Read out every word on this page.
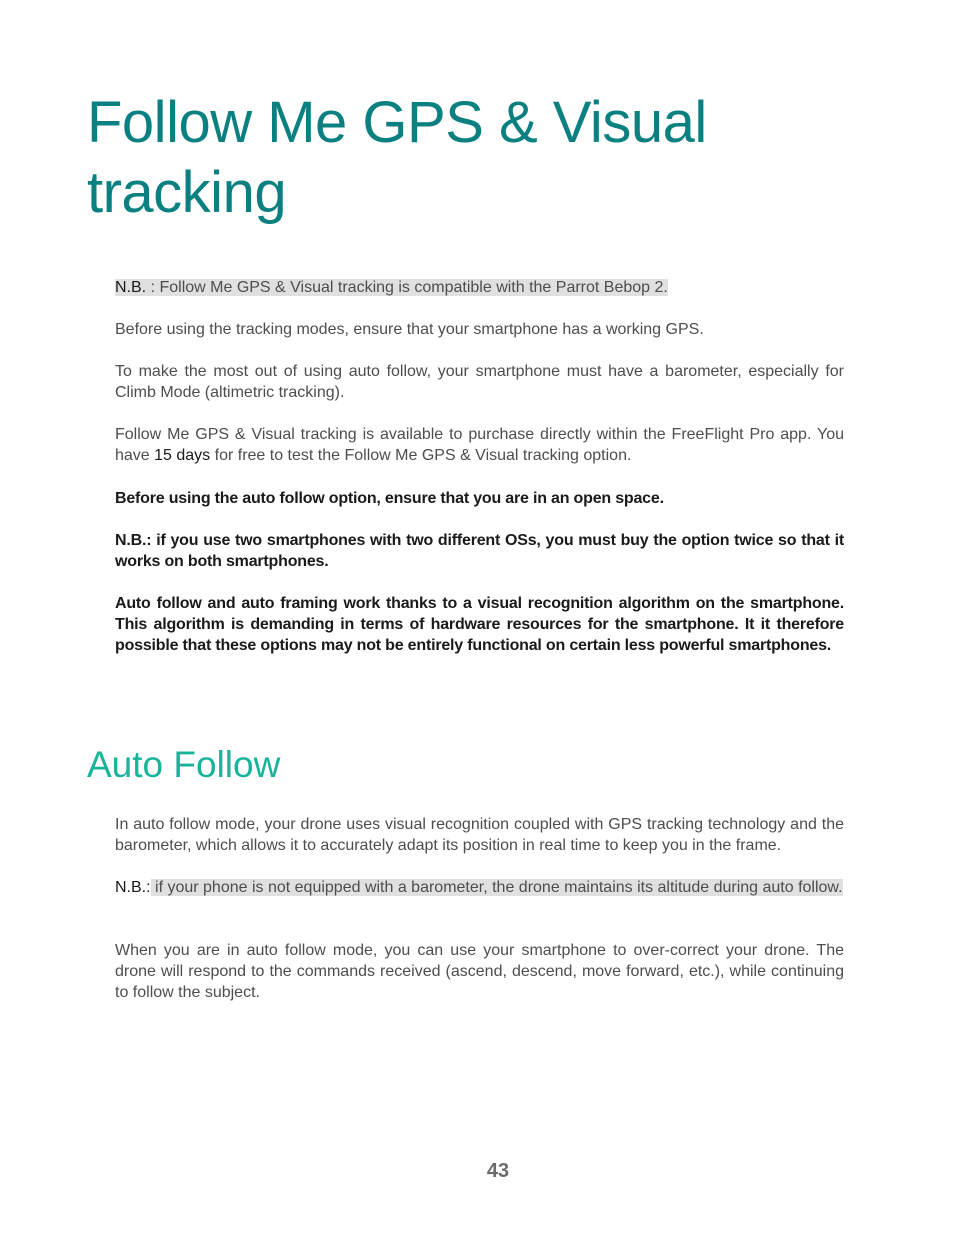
Follow Me GPS & Visual
tracking

N.B. : Follow Me GPS & Visual tracking is compatible with the Parrot Bebop 2.

Before using the tracking modes, ensure that your smartphone has a working GPS.

To make the most out of using auto follow, your smartphone must have a barometer, especially for Climb Mode (altimetric tracking).

Follow Me GPS & Visual tracking is available to purchase directly within the FreeFlight Pro app. You have 15 days for free to test the Follow Me GPS & Visual tracking option.

Before using the auto follow option, ensure that you are in an open space.

N.B.: if you use two smartphones with two different OSs, you must buy the option twice so that it works on both smartphones.

Auto follow and auto framing work thanks to a visual recognition algorithm on the smartphone. This algorithm is demanding in terms of hardware resources for the smartphone. It it therefore possible that these options may not be entirely functional on certain less powerful smartphones.

Auto Follow

In auto follow mode, your drone uses visual recognition coupled with GPS tracking technology and the barometer, which allows it to accurately adapt its position in real time to keep you in the frame.

N.B.: if your phone is not equipped with a barometer, the drone maintains its altitude during auto follow.

When you are in auto follow mode, you can use your smartphone to over-correct your drone. The drone will respond to the commands received (ascend, descend, move forward, etc.), while continuing to follow the subject.

43
